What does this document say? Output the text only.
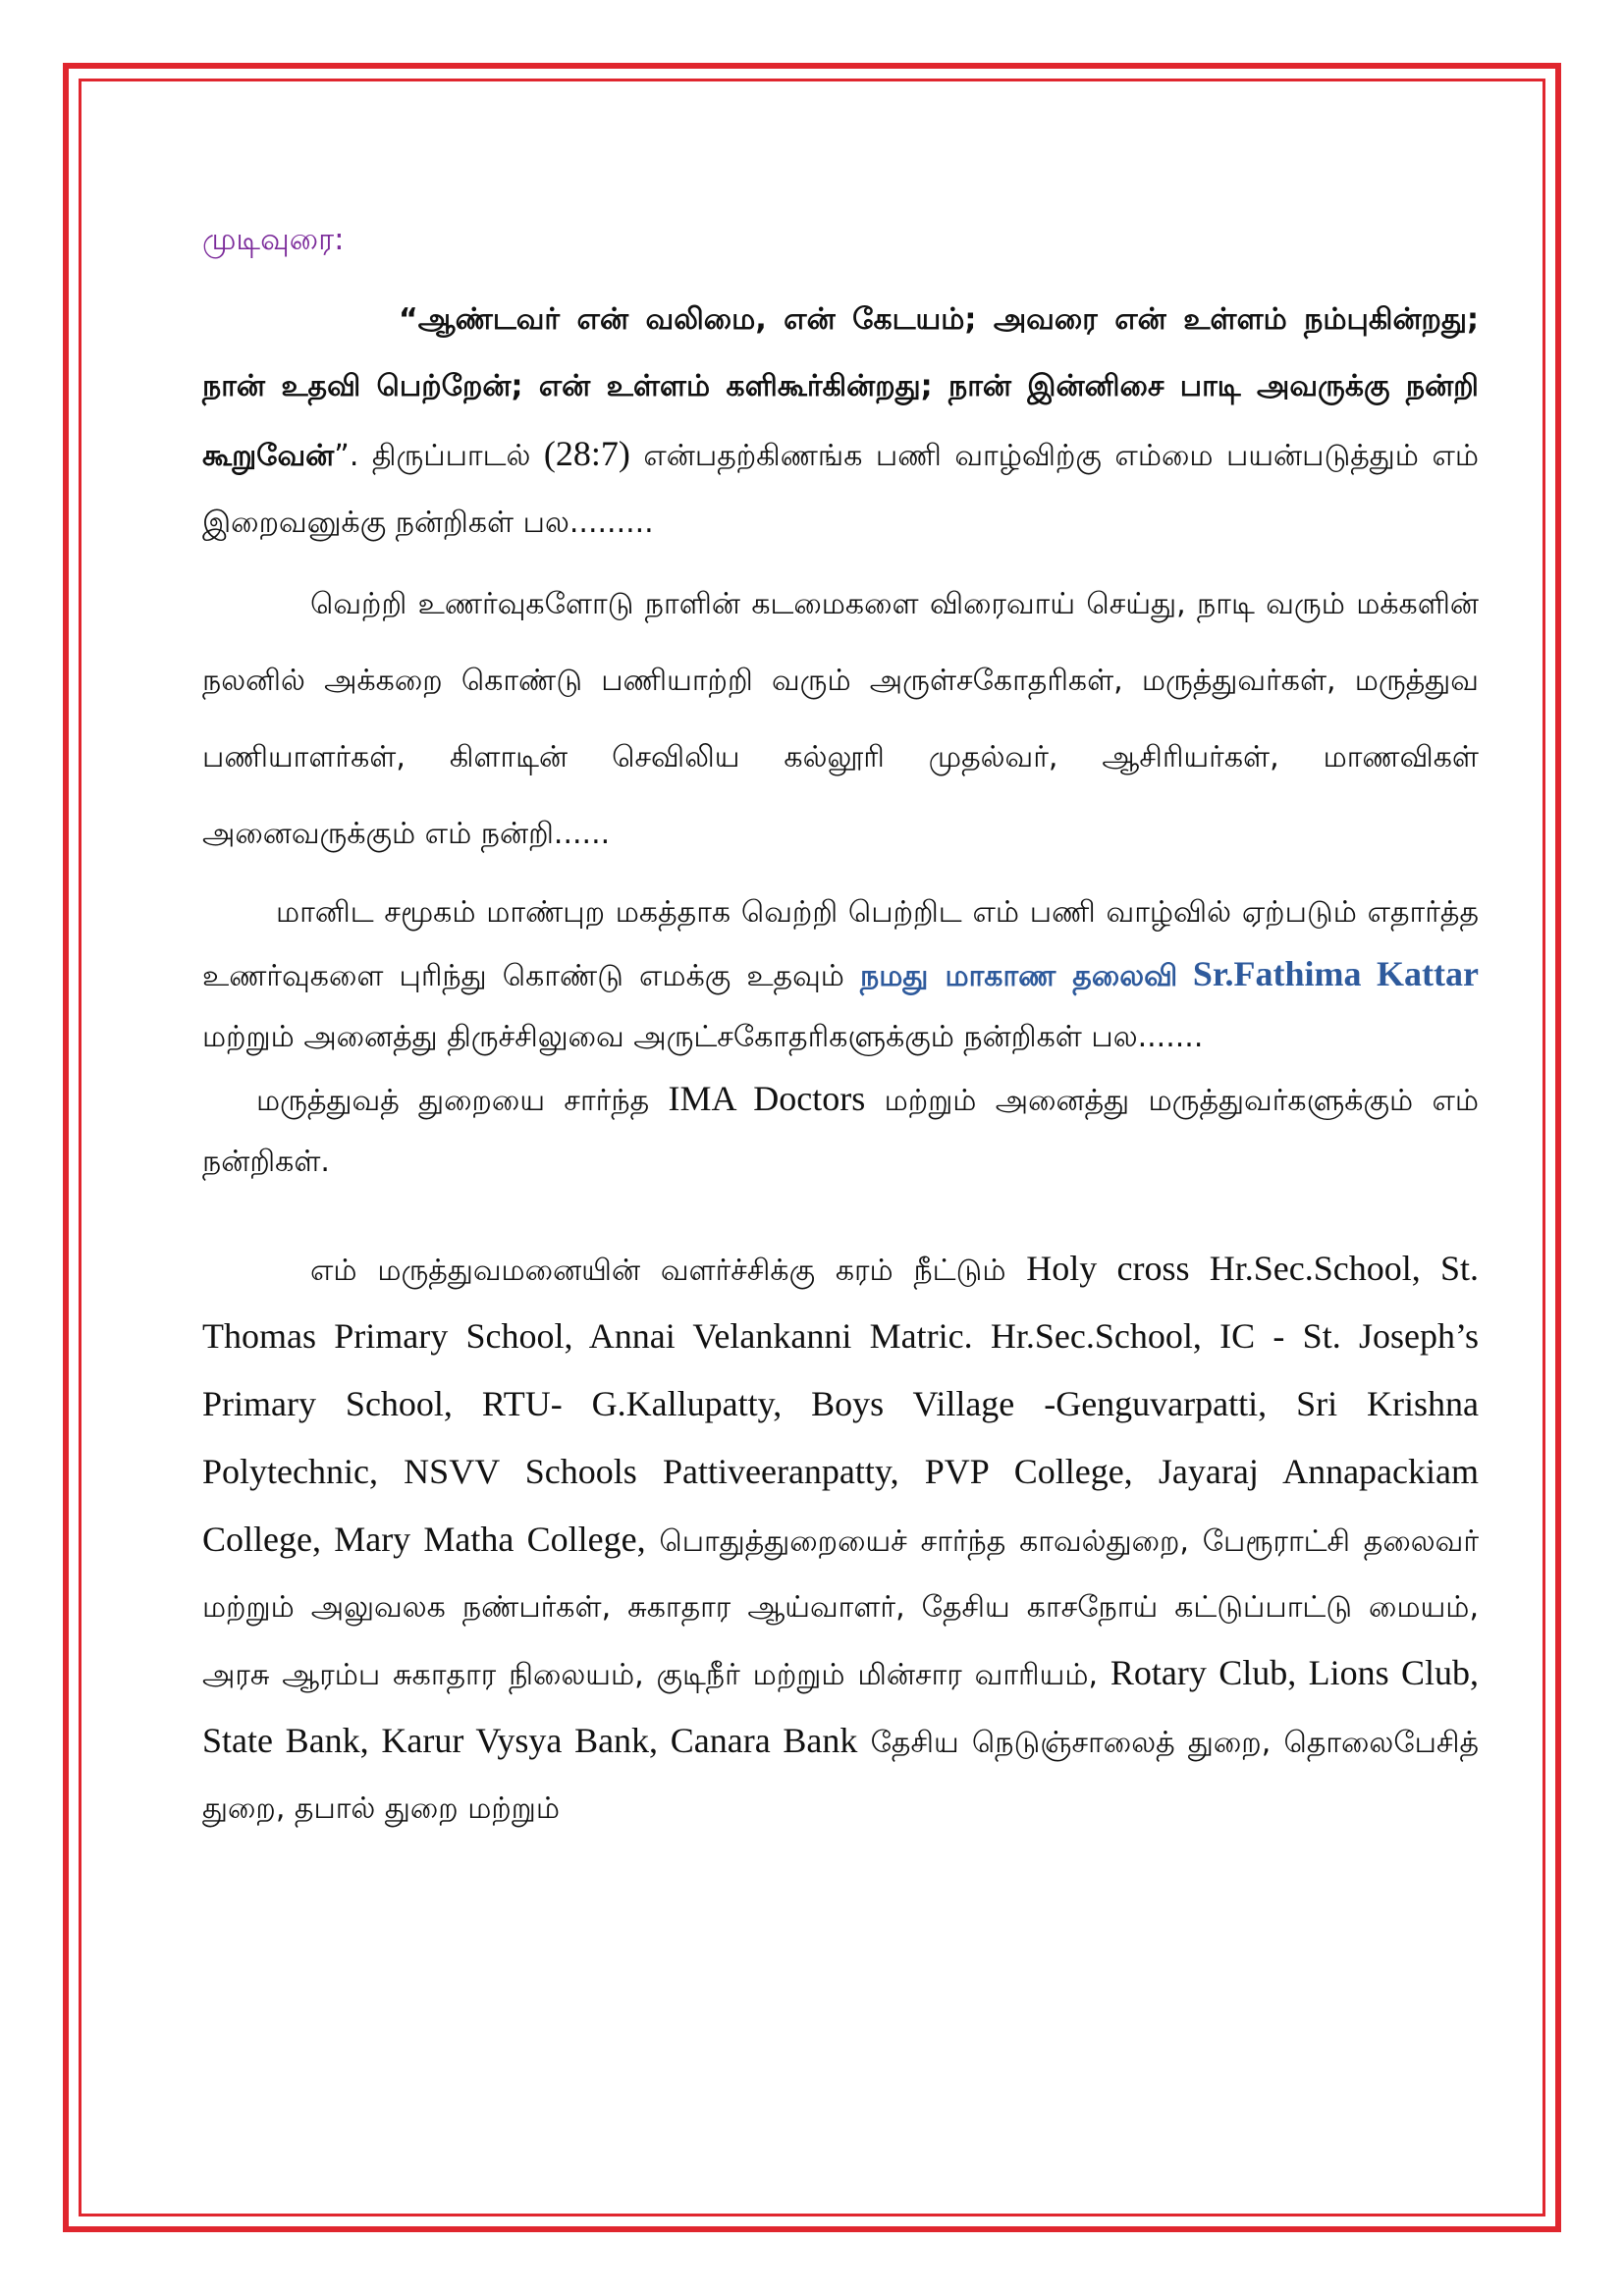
முடிவுரை:

“ஆண்டவர் என் வலிமை, என் கேடயம்; அவரை என் உள்ளம் நம்புகின்றது; நான் உதவி பெற்றேன்; என் உள்ளம் களிகூர்கின்றது; நான் இன்னிசை பாடி அவருக்கு நன்றி கூறுவேன்”. திருப்பாடல் (28:7) என்பதற்கிணங்க பணி வாழ்விற்கு எம்மை பயன்படுத்தும் எம் இறைவனுக்கு நன்றிகள் பல.........

வெற்றி உணர்வுகளோடு நாளின் கடமைகளை விரைவாய் செய்து, நாடி வரும் மக்களின் நலனில் அக்கறை கொண்டு பணியாற்றி வரும் அருள்சகோதரிகள், மருத்துவர்கள், மருத்துவ பணியாளர்கள், கிளாடின் செவிலிய கல்லூரி முதல்வர், ஆசிரியர்கள், மாணவிகள் அனைவருக்கும் எம் நன்றி......

மானிட சமூகம் மாண்புற மகத்தாக வெற்றி பெற்றிட எம் பணி வாழ்வில் ஏற்படும் எதார்த்த உணர்வுகளை புரிந்து கொண்டு எமக்கு உதவும் நமது மாகாண தலைவி Sr.Fathima Kattar மற்றும் அனைத்து திருச்சிலுவை அருட்சகோதரிகளுக்கும் நன்றிகள் பல.......

மருத்துவத் துறையை சார்ந்த IMA Doctors மற்றும் அனைத்து மருத்துவர்களுக்கும் எம் நன்றிகள்.

எம் மருத்துவமனையின் வளர்ச்சிக்கு கரம் நீட்டும் Holy cross Hr.Sec.School, St. Thomas Primary School, Annai Velankanni Matric. Hr.Sec.School, IC - St. Joseph’s Primary School, RTU- G.Kallupatty, Boys Village -Genguvarpatti, Sri Krishna Polytechnic, NSVV Schools Pattiveeranpatty, PVP College, Jayaraj Annapackiam College, Mary Matha College, பொதுத்துறையைச் சார்ந்த காவல்துறை, பேரூராட்சி தலைவர் மற்றும் அலுவலக நண்பர்கள், சுகாதார ஆய்வாளர், தேசிய காசநோய் கட்டுப்பாட்டு மையம், அரசு ஆரம்ப சுகாதார நிலையம், குடிநீர் மற்றும் மின்சார வாரியம், Rotary Club, Lions Club, State Bank, Karur Vysya Bank, Canara Bank தேசிய நெடுஞ்சாலைத் துறை, தொலைபேசித் துறை, தபால் துறை மற்றும்
